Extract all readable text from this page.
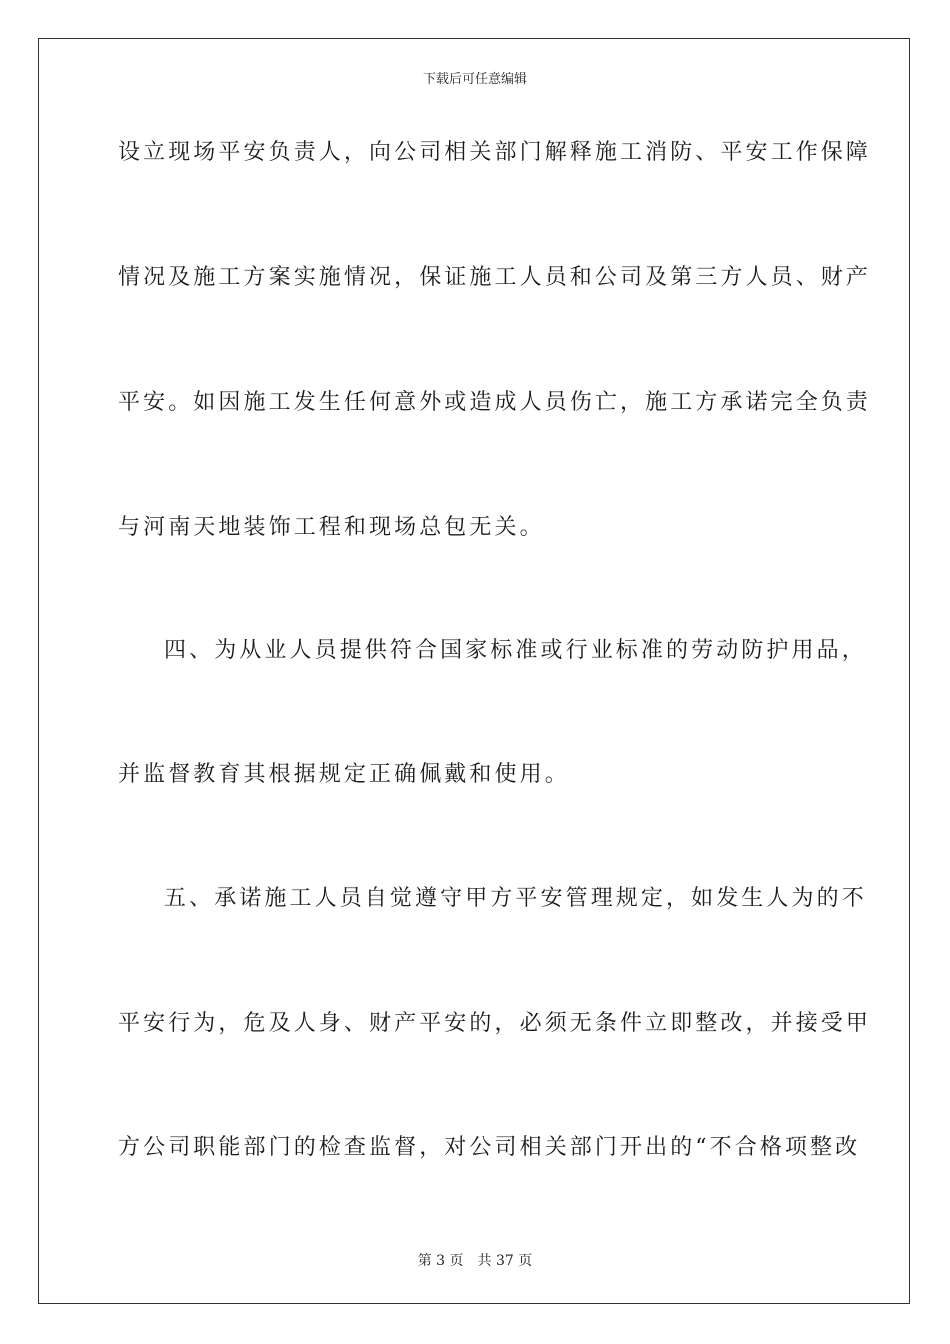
下载后可任意编辑
设立现场平安负责人，向公司相关部门解释施工消防、平安工作保障
情况及施工方案实施情况，保证施工人员和公司及第三方人员、财产
平安。如因施工发生任何意外或造成人员伤亡，施工方承诺完全负责
与河南天地装饰工程和现场总包无关。
四、为从业人员提供符合国家标准或行业标准的劳动防护用品，
并监督教育其根据规定正确佩戴和使用。
五、承诺施工人员自觉遵守甲方平安管理规定，如发生人为的不
平安行为，危及人身、财产平安的，必须无条件立即整改，并接受甲
方公司职能部门的检查监督，对公司相关部门开出的“不合格项整改
第 3 页 共 37 页
